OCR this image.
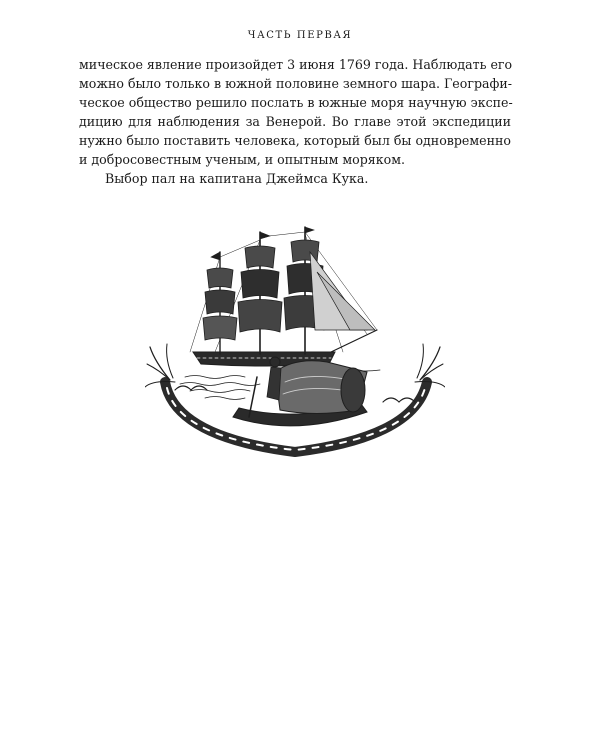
ЧАСТЬ ПЕРВАЯ
мическое явление произойдет 3 июня 1769 года. Наблюдать его
можно было только в южной половине земного шара. Географи-
ческое общество решило послать в южные моря научную экспе-
дицию для наблюдения за Венерой. Во главе этой экспедиции
нужно было поставить человека, который был бы одновременно
и добросовестным ученым, и опытным моряком.
Выбор пал на капитана Джеймса Кука.
